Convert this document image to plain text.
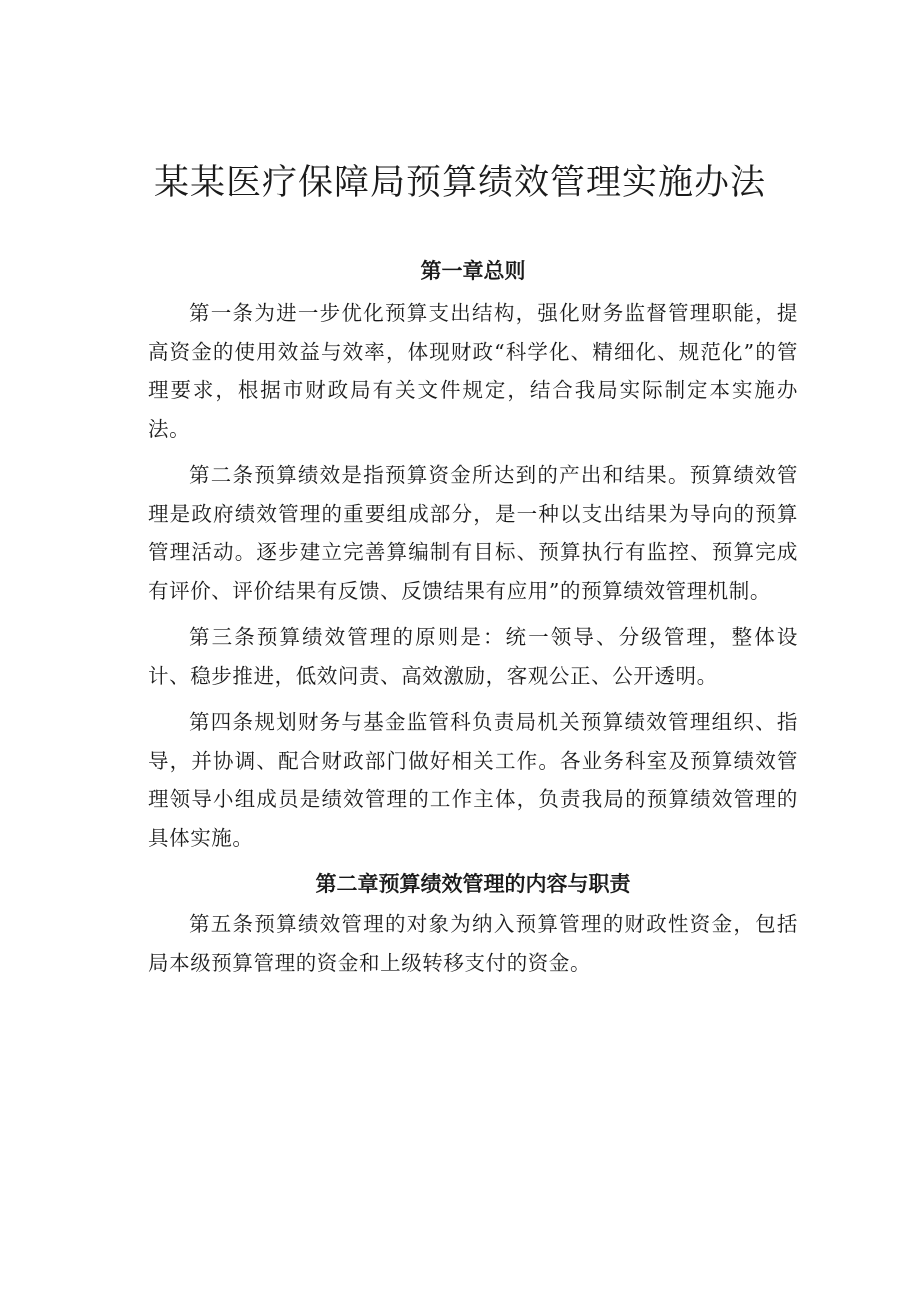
某某医疗保障局预算绩效管理实施办法
第一章总则

第一条为进一步优化预算支出结构，强化财务监督管理职能，提高资金的使用效益与效率，体现财政“科学化、精细化、规范化”的管理要求，根据市财政局有关文件规定，结合我局实际制定本实施办法。

第二条预算绩效是指预算资金所达到的产出和结果。预算绩效管理是政府绩效管理的重要组成部分，是一种以支出结果为导向的预算管理活动。逐步建立完善算编制有目标、预算执行有监控、预算完成有评价、评价结果有反馈、反馈结果有应用”的预算绩效管理机制。

第三条预算绩效管理的原则是：统一领导、分级管理，整体设计、稳步推进，低效问责、高效激励，客观公正、公开透明。

第四条规划财务与基金监管科负责局机关预算绩效管理组织、指导，并协调、配合财政部门做好相关工作。各业务科室及预算绩效管理领导小组成员是绩效管理的工作主体，负责我局的预算绩效管理的具体实施。

第二章预算绩效管理的内容与职责

第五条预算绩效管理的对象为纳入预算管理的财政性资金，包括局本级预算管理的资金和上级转移支付的资金。
